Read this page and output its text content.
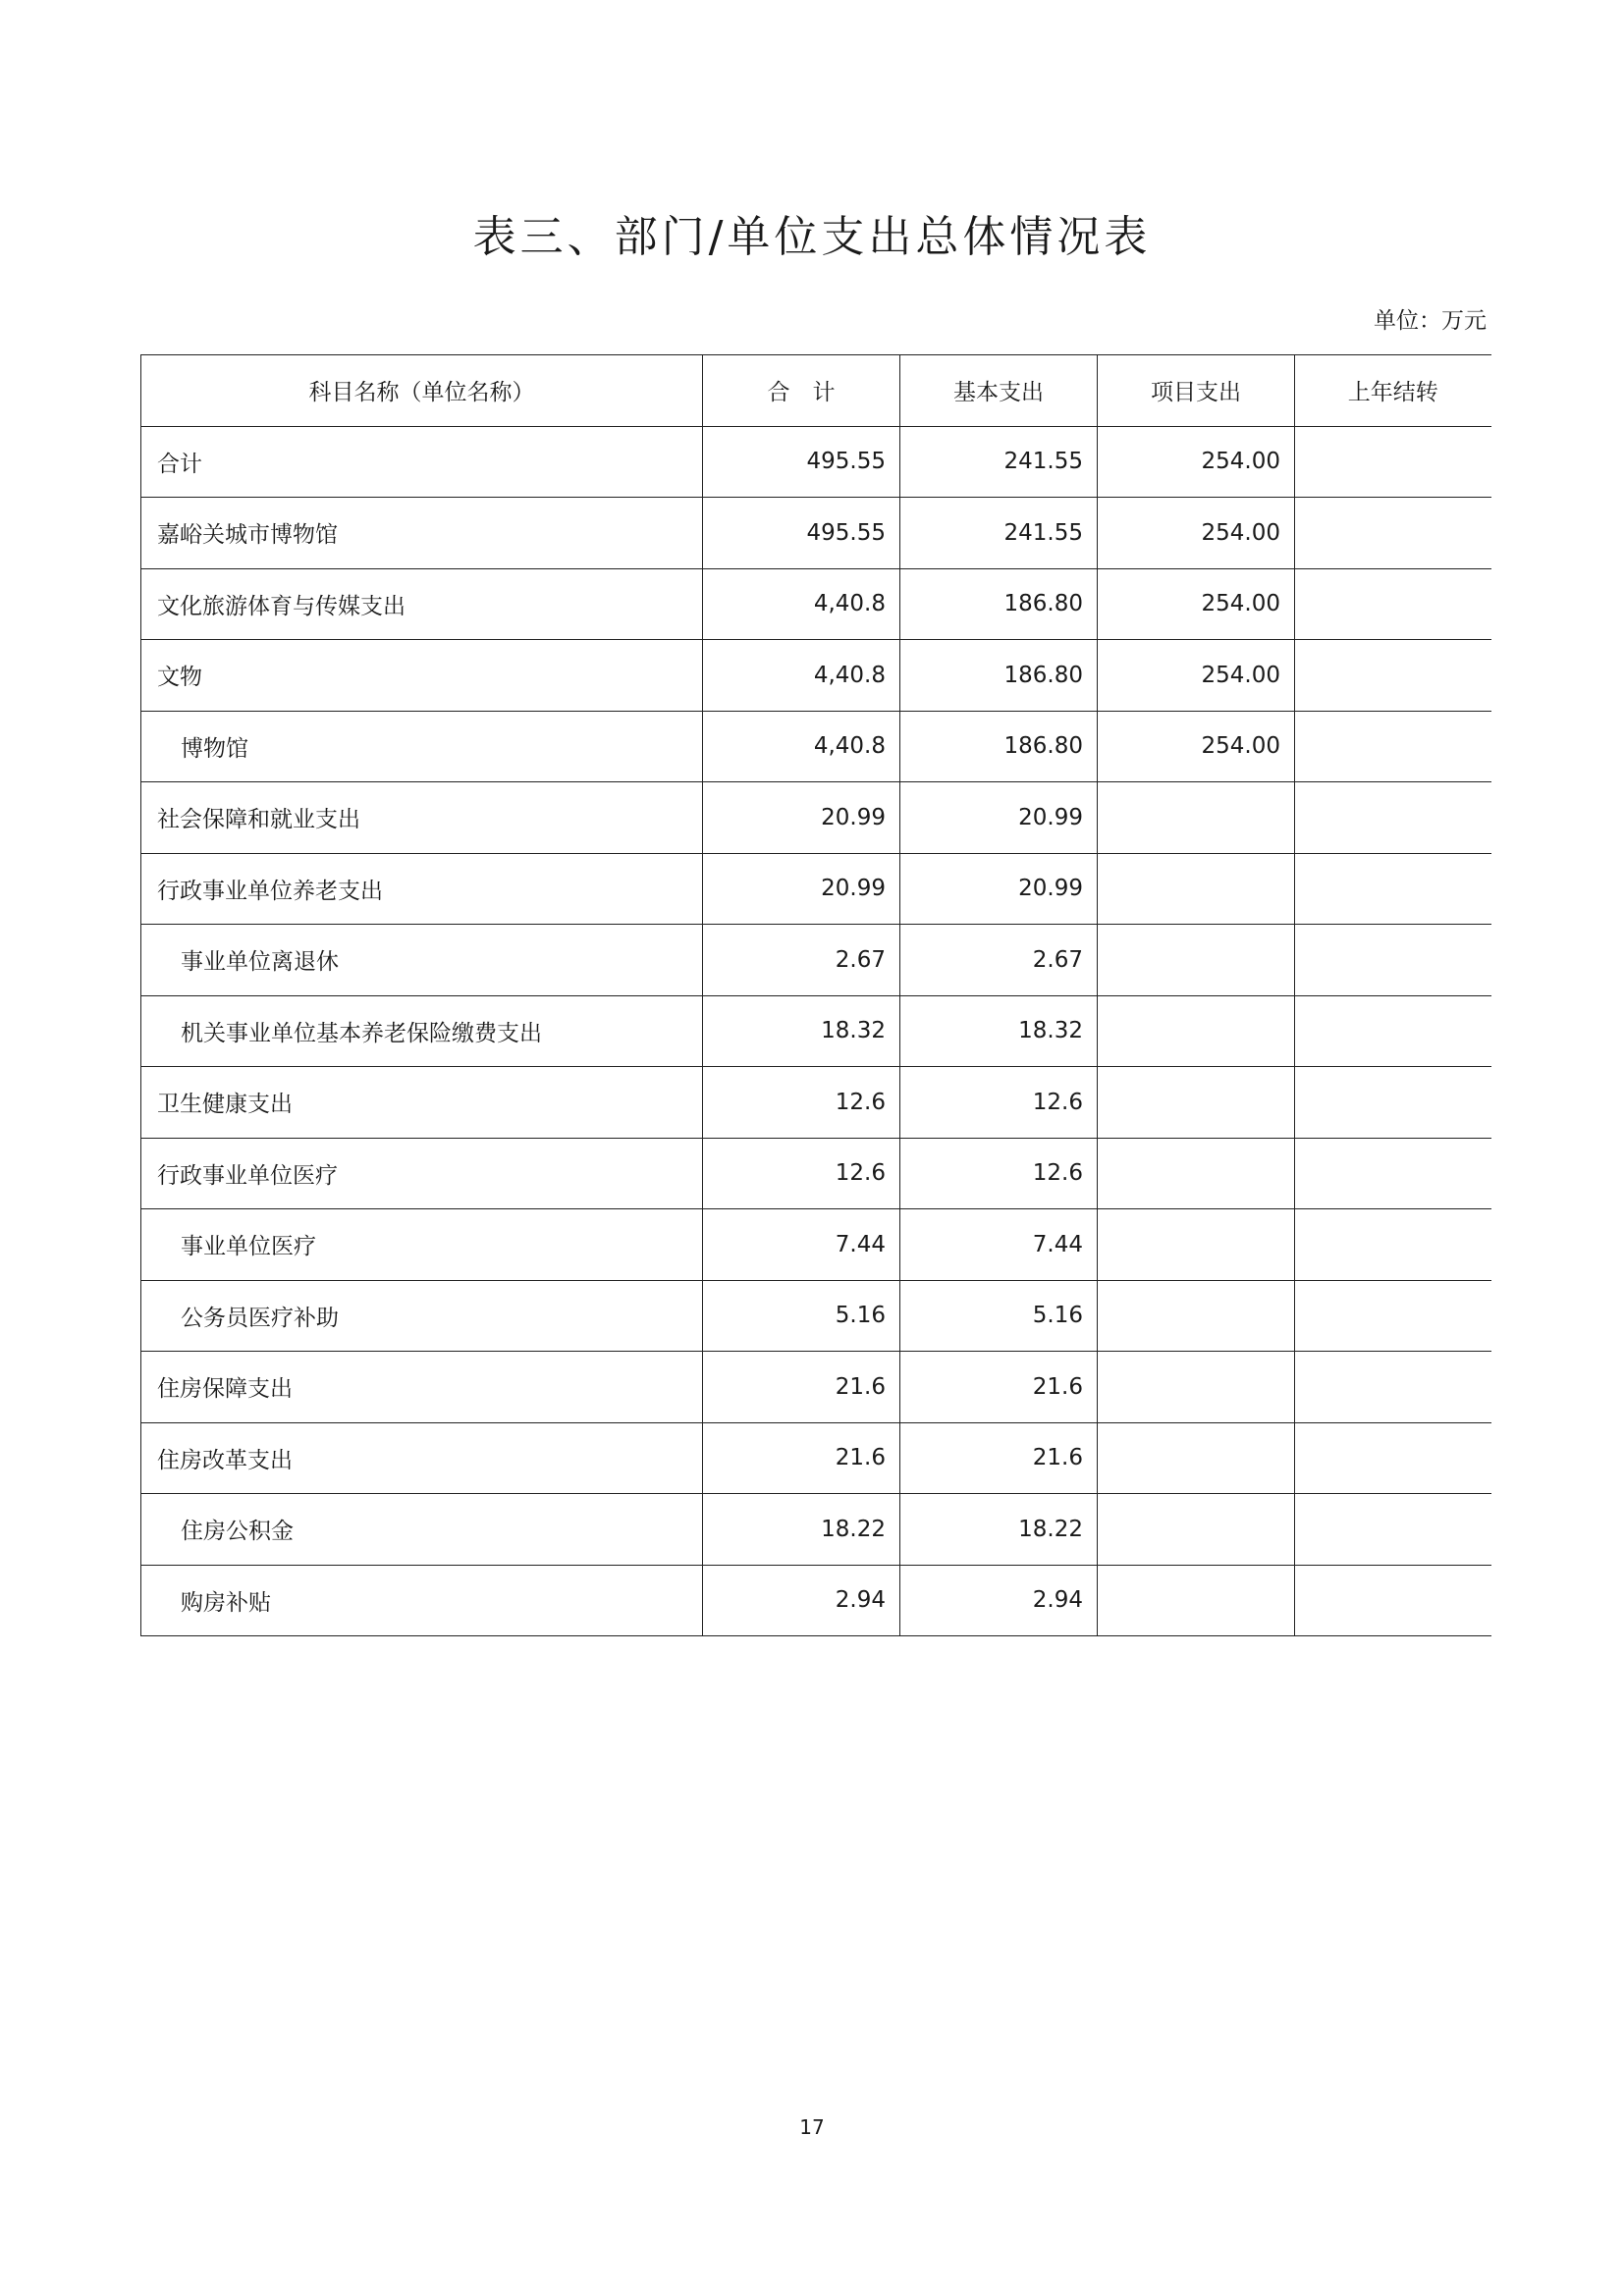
表三、部门/单位支出总体情况表
单位：万元
科目名称（单位名称）	合　计	基本支出	项目支出	上年结转
合计	495.55	241.55	254.00	
嘉峪关城市博物馆	495.55	241.55	254.00	
文化旅游体育与传媒支出	4,40.8	186.80	254.00	
文物	4,40.8	186.80	254.00	
博物馆	4,40.8	186.80	254.00	
社会保障和就业支出	20.99	20.99		
行政事业单位养老支出	20.99	20.99		
事业单位离退休	2.67	2.67		
机关事业单位基本养老保险缴费支出	18.32	18.32		
卫生健康支出	12.6	12.6		
行政事业单位医疗	12.6	12.6		
事业单位医疗	7.44	7.44		
公务员医疗补助	5.16	5.16		
住房保障支出	21.6	21.6		
住房改革支出	21.6	21.6		
住房公积金	18.22	18.22		
购房补贴	2.94	2.94		
17
